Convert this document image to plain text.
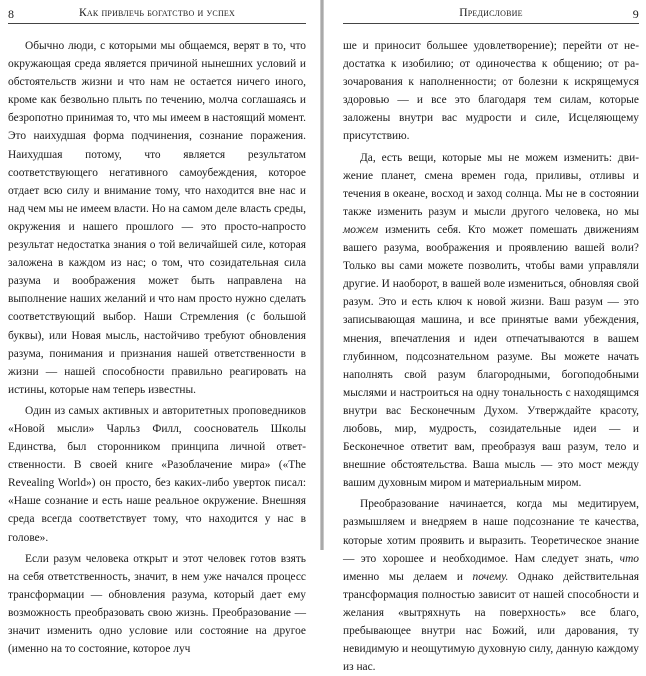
8	Как привлечь богатство и успех

Обычно люди, с которыми мы общаемся, верят в то, что окружающая среда является причиной нынешних условий и обстоятельств жизни и что нам не остается ничего иного, кроме как безвольно плыть по течению, молча соглашаясь и безропотно принимая то, что мы имеем в настоящий момент. Это наихудшая форма подчинения, сознание поражения. Наихудшая потому, что является результатом соответствующего негативного самоубеждения, которое отдает всю силу и внимание тому, что находится вне нас и над чем мы не имеем власти. Но на самом деле власть среды, окружения и нашего прошлого — это просто-напросто результат недостатка знания о той величайшей силе, которая заложена в каждом из нас; о том, что созидательная сила разума и воображения может быть направлена на выполнение наших желаний и что нам просто нужно сделать соответствующий выбор. Наши Стремления (с большой буквы), или Новая мысль, настойчиво требуют обновления разума, понимания и признания нашей ответственности в жизни — нашей способности правильно реагировать на истины, которые нам теперь известны.

Один из самых активных и авторитетных проповедников «Новой мысли» Чарльз Филл, сооснователь Школы Единства, был сторонником принципа личной ответственности. В своей книге «Разоблачение мира» («The Revealing World») он просто, без каких-либо уверток писал: «Наше сознание и есть наше реальное окружение. Внешняя среда всегда соответствует тому, что находится у нас в голове».

Если разум человека открыт и этот человек готов взять на себя ответственность, значит, в нем уже начался процесс трансформации — обновления разума, который дает ему возможность преобразовать свою жизнь. Преобразование — значит изменить одно условие или состояние на другое (именно на то состояние, которое луч

Предисловие	9

ше и приносит большее удовлетворение); перейти от недостатка к изобилию; от одиночества к общению; от разочарования к наполненности; от болезни к искрящемуся здоровью — и все это благодаря тем силам, которые заложены внутри вас мудрости и силе, Исцеляющему присутствию.

Да, есть вещи, которые мы не можем изменить: движение планет, смена времен года, приливы, отливы и течения в океане, восход и заход солнца. Мы не в состоянии также изменить разум и мысли другого человека, но мы можем изменить себя. Кто может помешать движениям вашего разума, воображения и проявлению вашей воли? Только вы сами можете позволить, чтобы вами управляли другие. И наоборот, в вашей воле измениться, обновляя свой разум. Это и есть ключ к новой жизни. Ваш разум — это записывающая машина, и все принятые вами убеждения, мнения, впечатления и идеи отпечатываются в вашем глубинном, подсознательном разуме. Вы можете начать наполнять свой разум благородными, богоподобными мыслями и настроиться на одну тональность с находящимся внутри вас Бесконечным Духом. Утверждайте красоту, любовь, мир, мудрость, созидательные идеи — и Бесконечное ответит вам, преобразуя ваш разум, тело и внешние обстоятельства. Ваша мысль — это мост между вашим духовным миром и материальным миром.

Преобразование начинается, когда мы медитируем, размышляем и внедряем в наше подсознание те качества, которые хотим проявить и выразить. Теоретическое знание — это хорошее и необходимое. Нам следует знать, что именно мы делаем и почему. Однако действительная трансформация полностью зависит от нашей способности и желания «вытряхнуть на поверхность» все благо, пребывающее внутри нас Божий, или дарования, ту невидимую и неощутимую духовную силу, данную каждому из нас.
